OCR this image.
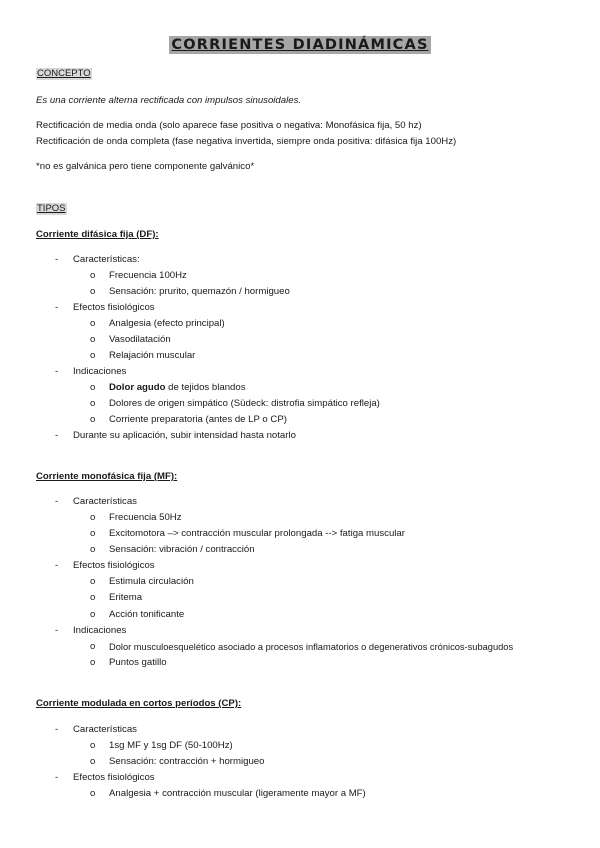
CORRIENTES DIADINÁMICAS
CONCEPTO
Es una corriente alterna rectificada con impulsos sinusoidales.
Rectificación de media onda (solo aparece fase positiva o negativa: Monofásica fija, 50 hz)
Rectificación de onda completa (fase negativa invertida, siempre onda positiva: difásica fija 100Hz)
*no es galvánica pero tiene componente galvánico*
TIPOS
Corriente difásica fija (DF):
- Características:
o Frecuencia 100Hz
o Sensación: prurito, quemazón / hormigueo
- Efectos fisiológicos
o Analgesia (efecto principal)
o Vasodilatación
o Relajación muscular
- Indicaciones
o Dolor agudo de tejidos blandos
o Dolores de origen simpático (Südeck: distrofia simpático refleja)
o Corriente preparatoria (antes de LP o CP)
- Durante su aplicación, subir intensidad hasta notarlo
Corriente monofásica fija (MF):
- Características
o Frecuencia 50Hz
o Excitomotora –> contracción muscular prolongada --> fatiga muscular
o Sensación: vibración / contracción
- Efectos fisiológicos
o Estimula circulación
o Eritema
o Acción tonificante
- Indicaciones
o Dolor musculoesquelético asociado a procesos inflamatorios o degenerativos crónicos-subagudos
o Puntos gatillo
Corriente modulada en cortos períodos (CP):
- Características
o 1sg MF y 1sg DF (50-100Hz)
o Sensación: contracción + hormigueo
- Efectos fisiológicos
o Analgesia + contracción muscular (ligeramente mayor a MF)
